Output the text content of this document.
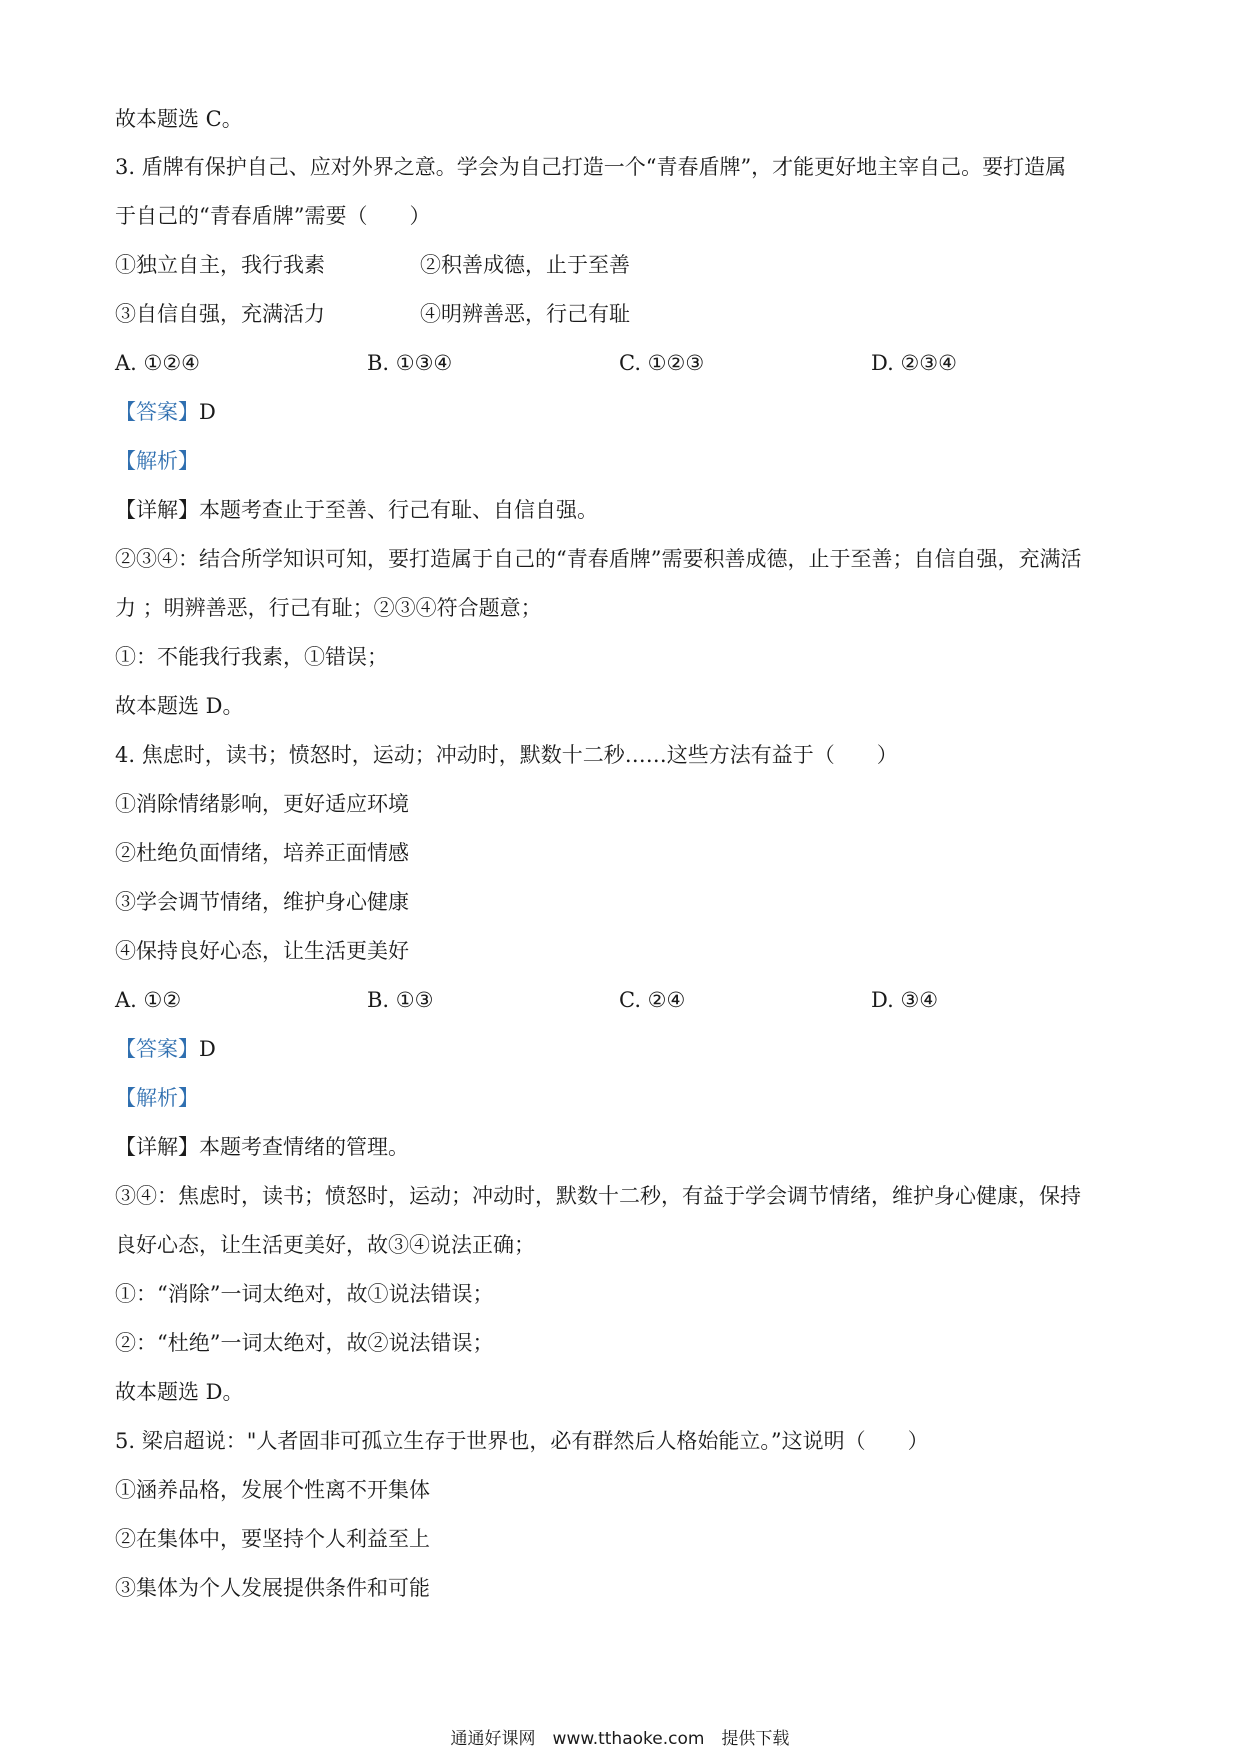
故本题选 C。
3. 盾牌有保护自己、应对外界之意。学会为自己打造一个“青春盾牌”，才能更好地主宰自己。要打造属
于自己的“青春盾牌”需要（　　）
①独立自主，我行我素	②积善成德，止于至善
③自信自强，充满活力	④明辨善恶，行己有耻
A. ①②④	B. ①③④	C. ①②③	D. ②③④
【答案】D
【解析】
【详解】本题考查止于至善、行己有耻、自信自强。
②③④：结合所学知识可知，要打造属于自己的“青春盾牌”需要积善成德，止于至善；自信自强，充满活
力 ；明辨善恶，行己有耻；②③④符合题意；
①：不能我行我素，①错误；
故本题选 D。
4. 焦虑时，读书；愤怒时，运动；冲动时，默数十二秒……这些方法有益于（　　）
①消除情绪影响，更好适应环境
②杜绝负面情绪，培养正面情感
③学会调节情绪，维护身心健康
④保持良好心态，让生活更美好
A. ①②	B. ①③	C. ②④	D. ③④
【答案】D
【解析】
【详解】本题考查情绪的管理。
③④：焦虑时，读书；愤怒时，运动；冲动时，默数十二秒，有益于学会调节情绪，维护身心健康，保持
良好心态，让生活更美好，故③④说法正确；
①：“消除”一词太绝对，故①说法错误；
②：“杜绝”一词太绝对，故②说法错误；
故本题选 D。
5. 梁启超说："人者固非可孤立生存于世界也，必有群然后人格始能立。”这说明（　　）
①涵养品格，发展个性离不开集体
②在集体中，要坚持个人利益至上
③集体为个人发展提供条件和可能
通通好课网　www.tthaoke.com　提供下载
